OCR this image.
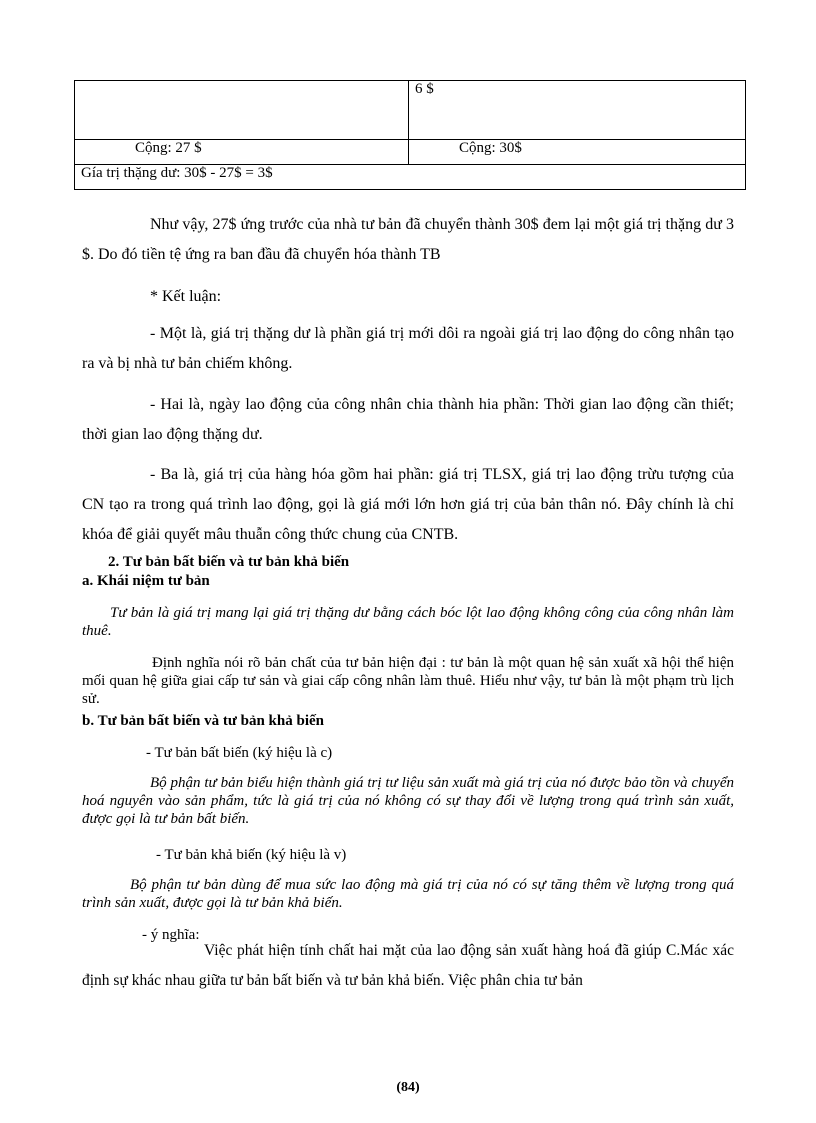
	6 $
Cộng: 27 $	Cộng: 30$
Gía trị thặng dư: 30$ - 27$ = 3$	
Như vậy, 27$ ứng trước của nhà tư bản đã chuyển thành 30$ đem lại một giá trị thặng dư 3 $. Do đó tiền tệ ứng ra ban đầu đã chuyển hóa thành TB
* Kết luận:
- Một là, giá trị thặng dư là phần giá trị mới dôi ra ngoài giá trị lao động do công nhân tạo ra và bị nhà tư bản chiếm không.
- Hai là, ngày lao động của công nhân chia thành hia phần: Thời gian lao động cần thiết; thời gian lao động thặng dư.
- Ba là, giá trị của hàng hóa gồm hai phần: giá trị TLSX, giá trị lao động trừu tượng của CN tạo ra trong quá trình lao động, gọi là giá mới lớn hơn giá trị của bản thân nó. Đây chính là chỉ khóa để giải quyết mâu thuẫn công thức chung của CNTB.
2. Tư bản bất biến và tư bản khả biến
a. Khái niệm tư bản
Tư bản là giá trị mang lại giá trị thặng dư bằng cách bóc lột lao động không công của công nhân làm thuê.
Định nghĩa nói rõ bản chất của tư bản hiện đại : tư bản là một quan hệ sản xuất xã hội thể hiện mối quan hệ giữa giai cấp tư sản và giai cấp công nhân làm thuê. Hiểu như vậy, tư bản là một phạm trù lịch sử.
b. Tư bản bất biến và tư bản khả biến
- Tư bản bất biến (ký hiệu là c)
Bộ phận tư bản biểu hiện thành giá trị tư liệu sản xuất mà giá trị của nó được bảo tồn và chuyển hoá nguyên vào sản phẩm, tức là giá trị của nó không có sự thay đổi về lượng trong quá trình sản xuất, được gọi là tư bản bất biến.
- Tư bản khả biến (ký hiệu là v)
Bộ phận tư bản dùng để mua sức lao động mà giá trị của nó có sự tăng thêm về lượng trong quá trình sản xuất, được gọi là tư bản khả biến.
- ý nghĩa:
Việc phát hiện tính chất hai mặt của lao động sản xuất hàng hoá đã giúp C.Mác xác định sự khác nhau giữa tư bản bất biến và tư bản khả biến. Việc phân chia tư bản
(84)
